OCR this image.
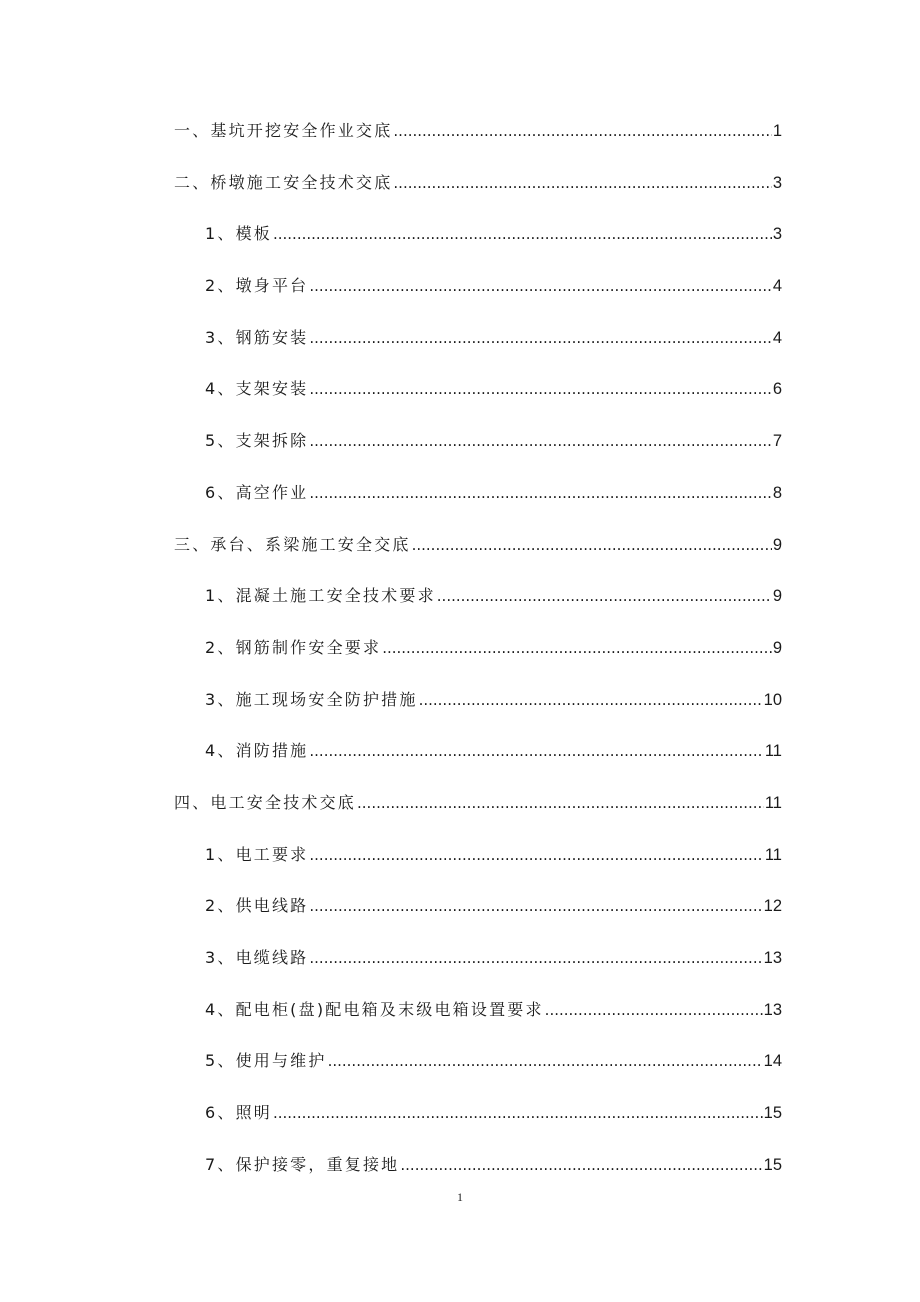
一、基坑开挖安全作业交底 .....	1
二、桥墩施工安全技术交底 .....	3
1、模板 .....	3
2、墩身平台 .....	4
3、钢筋安装 .....	4
4、支架安装 .....	6
5、支架拆除 .....	7
6、高空作业 .....	8
三、承台、系梁施工安全交底 .....	9
1、混凝土施工安全技术要求 .....	9
2、钢筋制作安全要求 .....	9
3、施工现场安全防护措施 .....	10
4、消防措施 .....	11
四、电工安全技术交底 .....	11
1、电工要求 .....	11
2、供电线路 .....	12
3、电缆线路 .....	13
4、配电柜(盘)配电箱及末级电箱设置要求 .....	13
5、使用与维护 .....	14
6、照明 .....	15
7、保护接零，重复接地 .....	15
1
